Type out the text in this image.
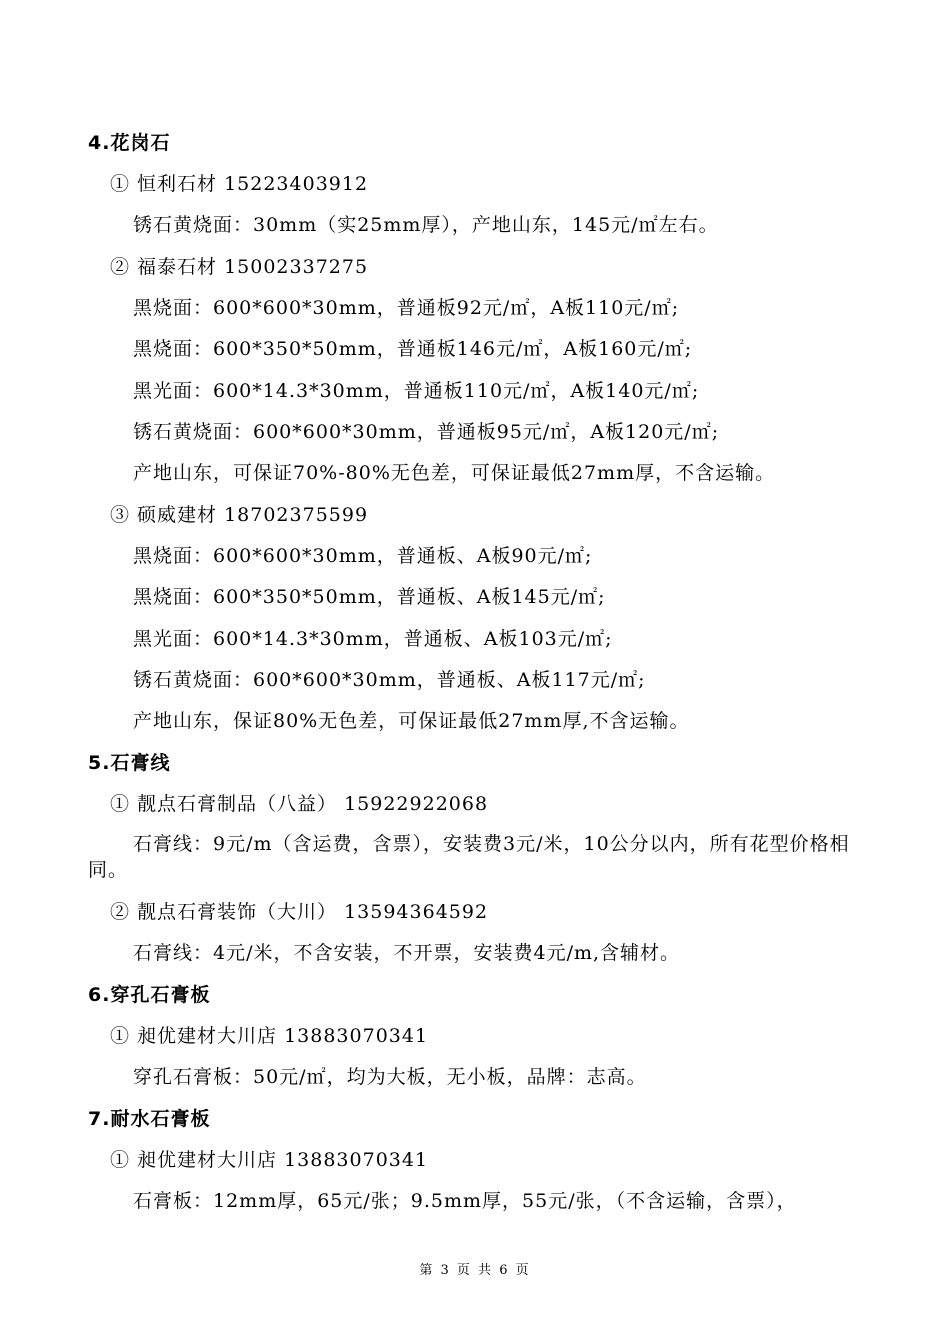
4.花岗石
① 恒利石材 15223403912
锈石黄烧面：30mm（实25mm厚），产地山东，145元/㎡左右。
② 福泰石材 15002337275
黑烧面：600*600*30mm，普通板92元/㎡，A板110元/㎡;
黑烧面：600*350*50mm，普通板146元/㎡，A板160元/㎡;
黑光面：600*14.3*30mm，普通板110元/㎡，A板140元/㎡;
锈石黄烧面：600*600*30mm，普通板95元/㎡，A板120元/㎡;
产地山东，可保证70%-80%无色差，可保证最低27mm厚，不含运输。
③ 硕威建材 18702375599
黑烧面：600*600*30mm，普通板、A板90元/㎡;
黑烧面：600*350*50mm，普通板、A板145元/㎡;
黑光面：600*14.3*30mm，普通板、A板103元/㎡;
锈石黄烧面：600*600*30mm，普通板、A板117元/㎡;
产地山东，保证80%无色差，可保证最低27mm厚,不含运输。
5.石膏线
① 靓点石膏制品（八益） 15922922068
石膏线：9元/m（含运费，含票），安装费3元/米，10公分以内，所有花型价格相同。
② 靓点石膏装饰（大川） 13594364592
石膏线：4元/米，不含安装，不开票，安装费4元/m,含辅材。
6.穿孔石膏板
① 昶优建材大川店 13883070341
穿孔石膏板：50元/㎡，均为大板，无小板，品牌：志高。
7.耐水石膏板
① 昶优建材大川店 13883070341
石膏板：12mm厚，65元/张；9.5mm厚，55元/张，（不含运输，含票），
第 3 页 共 6 页
